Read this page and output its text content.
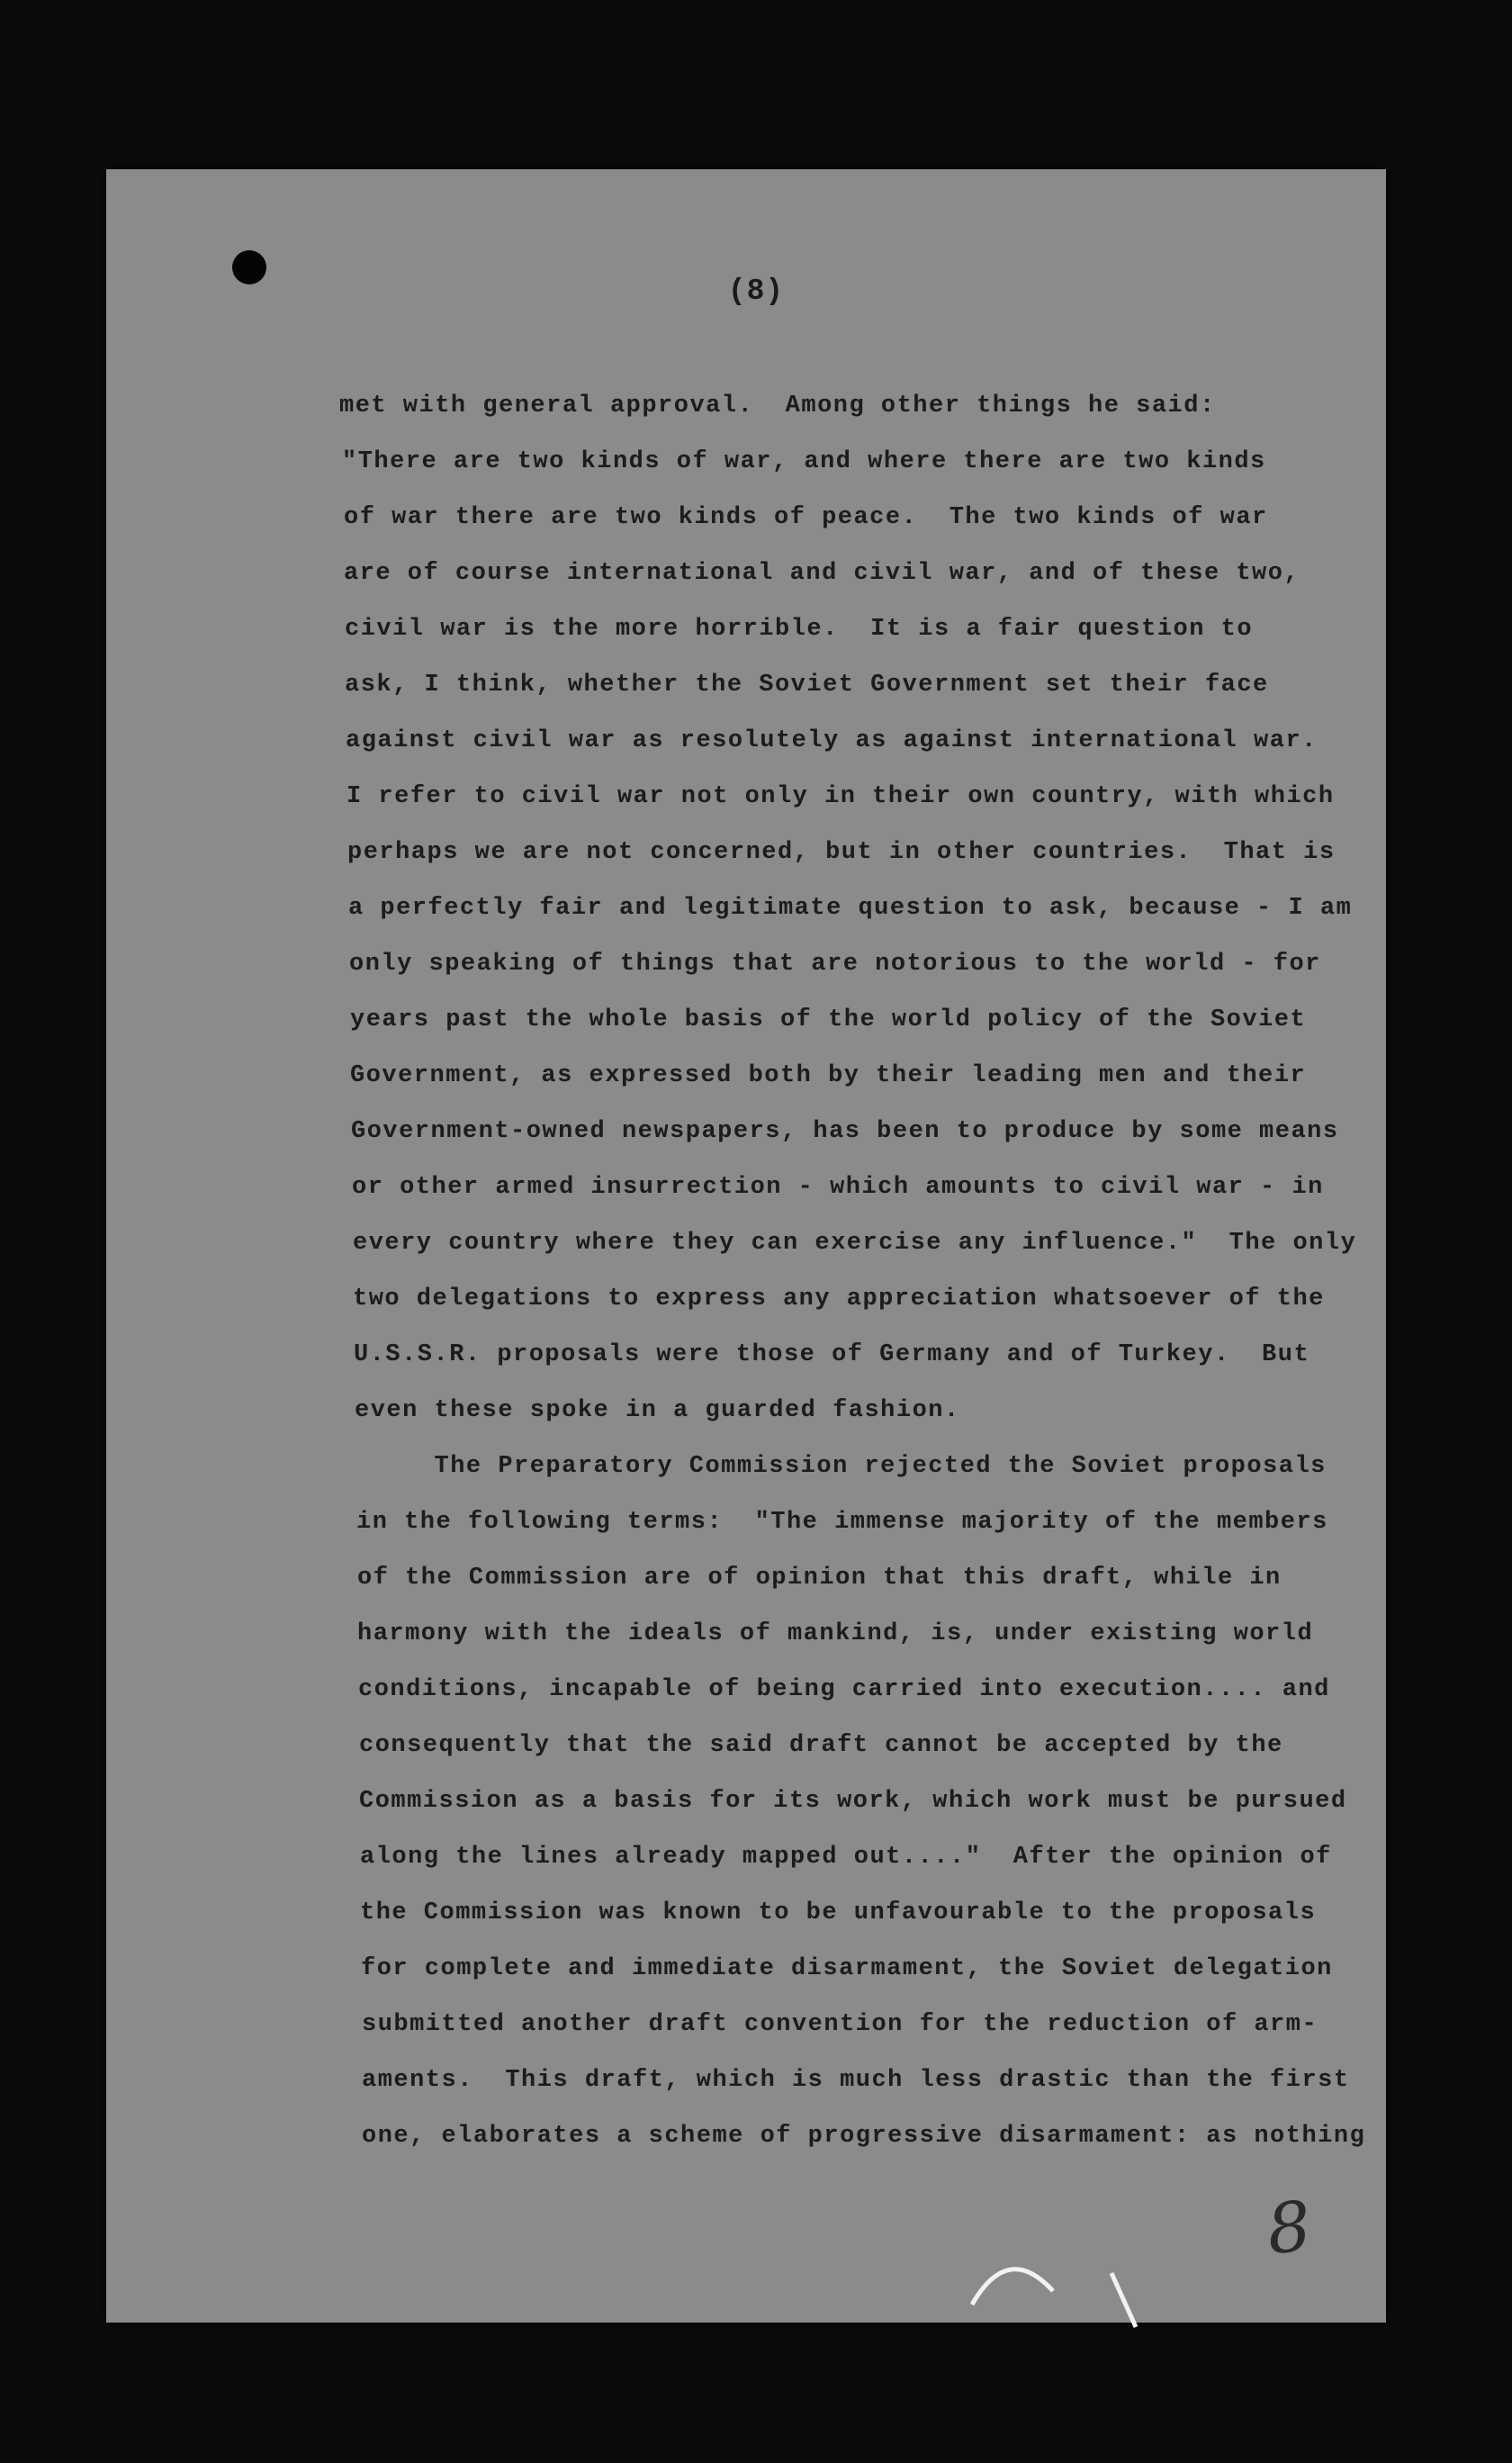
(8)
met with general approval.  Among other things he said:
"There are two kinds of war, and where there are two kinds
of war there are two kinds of peace.  The two kinds of war
are of course international and civil war, and of these two,
civil war is the more horrible.  It is a fair question to
ask, I think, whether the Soviet Government set their face
against civil war as resolutely as against international war.
I refer to civil war not only in their own country, with which
perhaps we are not concerned, but in other countries.  That is
a perfectly fair and legitimate question to ask, because - I am
only speaking of things that are notorious to the world - for
years past the whole basis of the world policy of the Soviet
Government, as expressed both by their leading men and their
Government-owned newspapers, has been to produce by some means
or other armed insurrection - which amounts to civil war - in
every country where they can exercise any influence."  The only
two delegations to express any appreciation whatsoever of the
U.S.S.R. proposals were those of Germany and of Turkey.  But
even these spoke in a guarded fashion.
The Preparatory Commission rejected the Soviet proposals
in the following terms:  "The immense majority of the members
of the Commission are of opinion that this draft, while in
harmony with the ideals of mankind, is, under existing world
conditions, incapable of being carried into execution.... and
consequently that the said draft cannot be accepted by the
Commission as a basis for its work, which work must be pursued
along the lines already mapped out...."  After the opinion of
the Commission was known to be unfavourable to the proposals
for complete and immediate disarmament, the Soviet delegation
submitted another draft convention for the reduction of arm-
aments.  This draft, which is much less drastic than the first
one, elaborates a scheme of progressive disarmament: as nothing
8
